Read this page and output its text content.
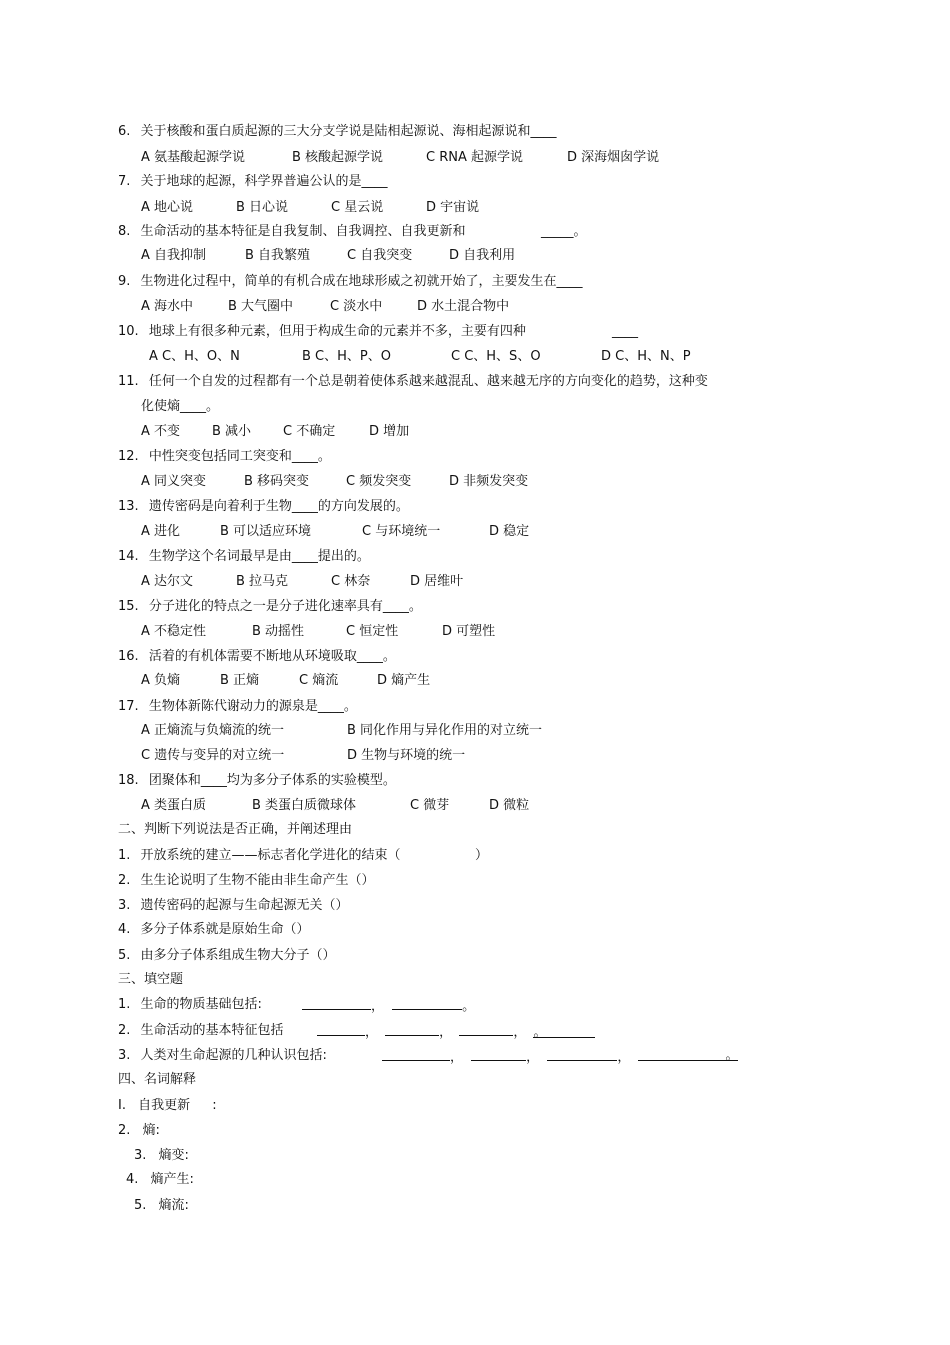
6. 关于核酸和蛋白质起源的三大分支学说是陆相起源说、海相起源说和____
A 氨基酸起源学说	B 核酸起源学说	C RNA 起源学说	D 深海烟囱学说
7. 关于地球的起源，科学界普遍公认的是____
A 地心说	B 日心说	C 星云说	D 宇宙说
8. 生命活动的基本特征是自我复制、自我调控、自我更新和	_____。
A 自我抑制	B 自我繁殖	C 自我突变	D 自我利用
9. 生物进化过程中，简单的有机合成在地球形威之初就开始了，主要发生在____
A 海水中	B 大气圈中	C 淡水中	D 水土混合物中
10. 地球上有很多种元素，但用于构成生命的元素并不多，主要有四种	____
A C、H、O、N	B C、H、P、O	C C、H、S、O	D C、H、N、P
11. 任何一个自发的过程都有一个总是朝着使体系越来越混乱、越来越无序的方向变化的趋势，这种变
化使熵____。
A 不变 B 减小 C 不确定	D 增加
12. 中性突变包括同工突变和____。
A 同义突变	B 移码突变	C 频发突变	D 非频发突变
13. 遗传密码是向着利于生物____的方向发展的。
A 进化	B 可以适应环境	C 与环境统一	D 稳定
14. 生物学这个名词最早是由____提出的。
A 达尔文	B 拉马克	C 林奈	D 居维叶
15. 分子进化的特点之一是分子进化速率具有____。
A 不稳定性	B 动摇性	C 恒定性	D 可塑性
16. 活着的有机体需要不断地从环境吸取____。
A 负熵	B 正熵	C 熵流	D 熵产生
17. 生物体新陈代谢动力的源泉是____。
A 正熵流与负熵流的统一	B 同化作用与异化作用的对立统一
C 遗传与变异的对立统一	D 生物与环境的统一
18. 团聚体和____均为多分子体系的实验模型。
A 类蛋白质	B 类蛋白质微球体	C 微芽	D 微粒
二、判断下列说法是否正确，并阐述理由
1. 开放系统的建立——标志者化学进化的结束（	）
2. 生生论说明了生物不能由非生命产生（）
3. 遗传密码的起源与生命起源无关（）
4. 多分子体系就是原始生命（）
5. 由多分子体系组成生物大分子（）
三、填空题
1. 生命的物质基础包括:	，	。
2. 生命活动的基本特征包括	，	，	， 。
3. 人类对生命起源的几种认识包括:	，	，	，	。
四、名词解释
I. 自我更新 :
2. 熵:
3. 熵变:
4. 熵产生:
5. 熵流:
